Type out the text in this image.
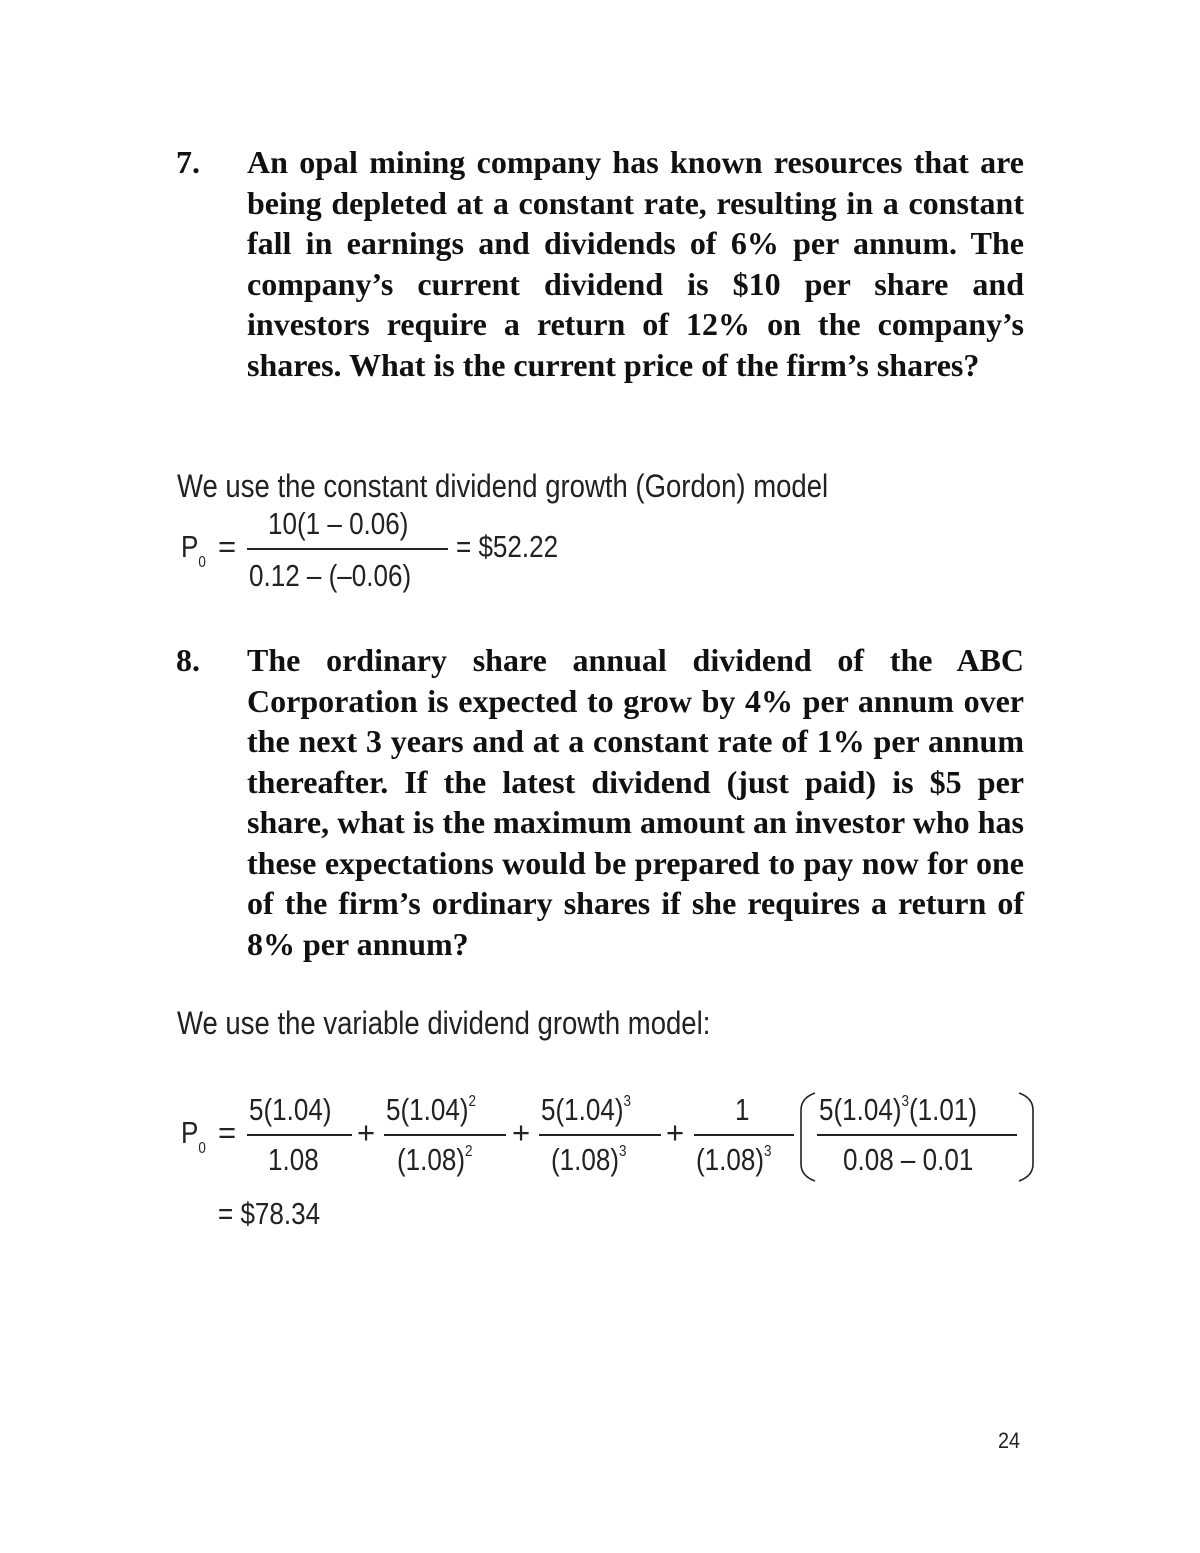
7. An opal mining company has known resources that are being depleted at a constant rate, resulting in a constant fall in earnings and dividends of 6% per annum. The company’s current dividend is $10 per share and investors require a return of 12% on the company’s shares. What is the current price of the firm’s shares?
We use the constant dividend growth (Gordon) model
$P_0$ =
10(1 – 0.06)
0.12 – (–0.06)
= $52.22
8. The ordinary share annual dividend of the ABC Corporation is expected to grow by 4% per annum over the next 3 years and at a constant rate of 1% per annum thereafter. If the latest dividend (just paid) is $5 per share, what is the maximum amount an investor who has these expectations would be prepared to pay now for one of the firm’s ordinary shares if she requires a return of 8% per annum?
We use the variable dividend growth model:
$P_0$ =
5(1.04)
1.08
+
$5(1.04)^2$
$(1.08)^2$
+
$5(1.04)^3$
$(1.08)^3$
+
1
$(1.08)^3$
$5(1.04)^3(1.01)$
0.08 – 0.01
= $78.34
24
